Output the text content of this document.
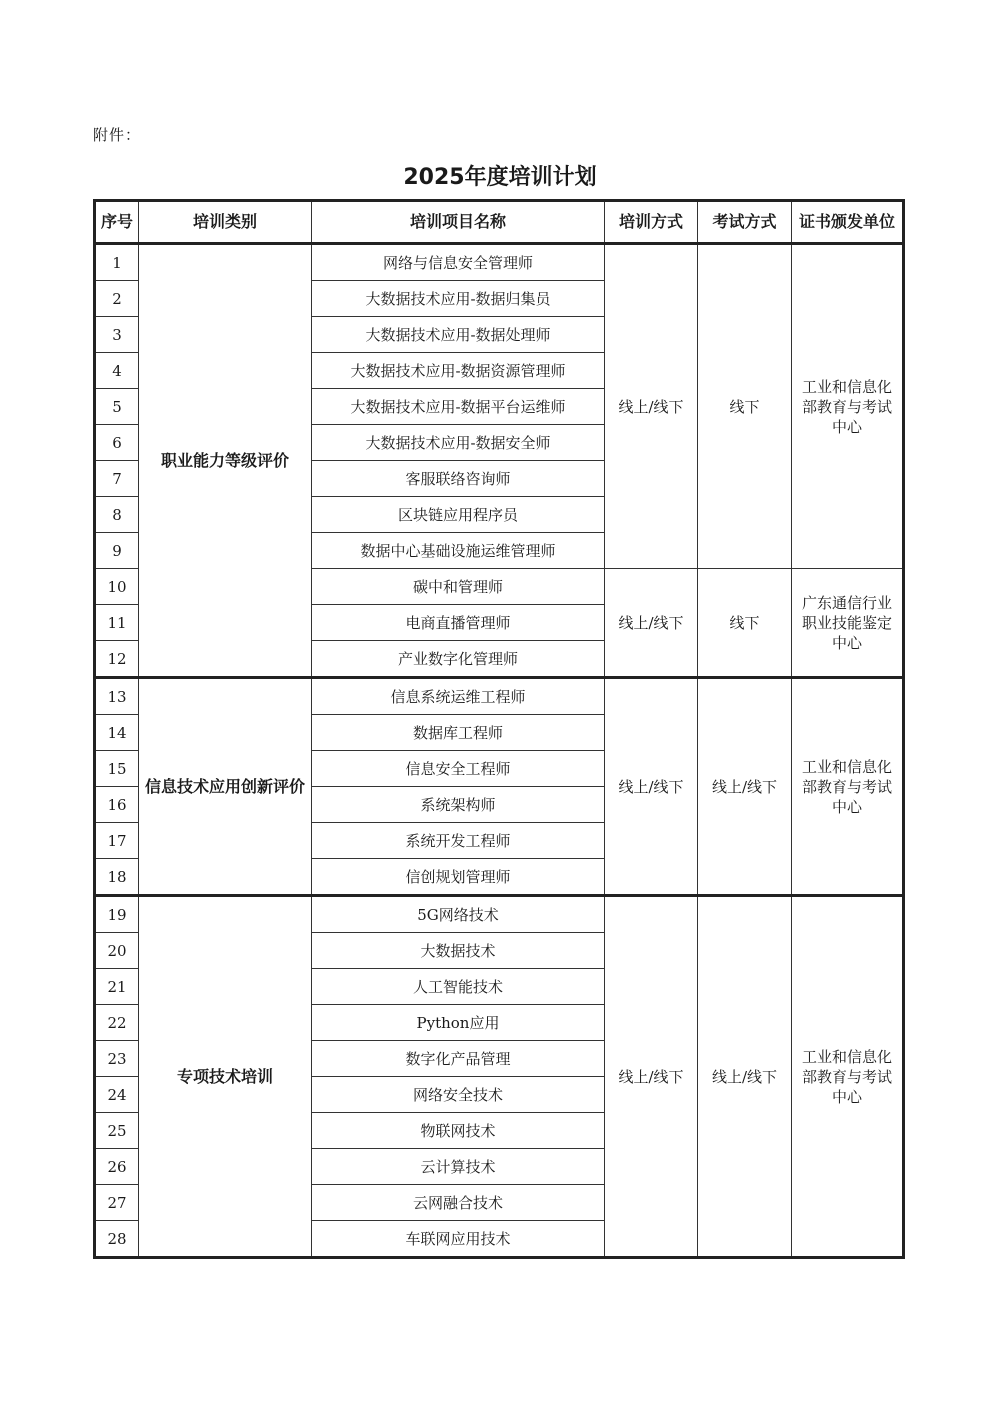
附件：
2025年度培训计划
序号	培训类别	培训项目名称	培训方式	考试方式	证书颁发单位
1	职业能力等级评价	网络与信息安全管理师	线上/线下	线下	工业和信息化部教育与考试中心
2		大数据技术应用-数据归集员			
3		大数据技术应用-数据处理师			
4		大数据技术应用-数据资源管理师			
5		大数据技术应用-数据平台运维师			
6		大数据技术应用-数据安全师			
7		客服联络咨询师			
8		区块链应用程序员			
9		数据中心基础设施运维管理师			
10		碳中和管理师	线上/线下	线下	广东通信行业职业技能鉴定中心
11		电商直播管理师			
12		产业数字化管理师			
13	信息技术应用创新评价	信息系统运维工程师	线上/线下	线上/线下	工业和信息化部教育与考试中心
14		数据库工程师			
15		信息安全工程师			
16		系统架构师			
17		系统开发工程师			
18		信创规划管理师			
19	专项技术培训	5G网络技术	线上/线下	线上/线下	工业和信息化部教育与考试中心
20		大数据技术			
21		人工智能技术			
22		Python应用			
23		数字化产品管理			
24		网络安全技术			
25		物联网技术			
26		云计算技术			
27		云网融合技术			
28		车联网应用技术			
